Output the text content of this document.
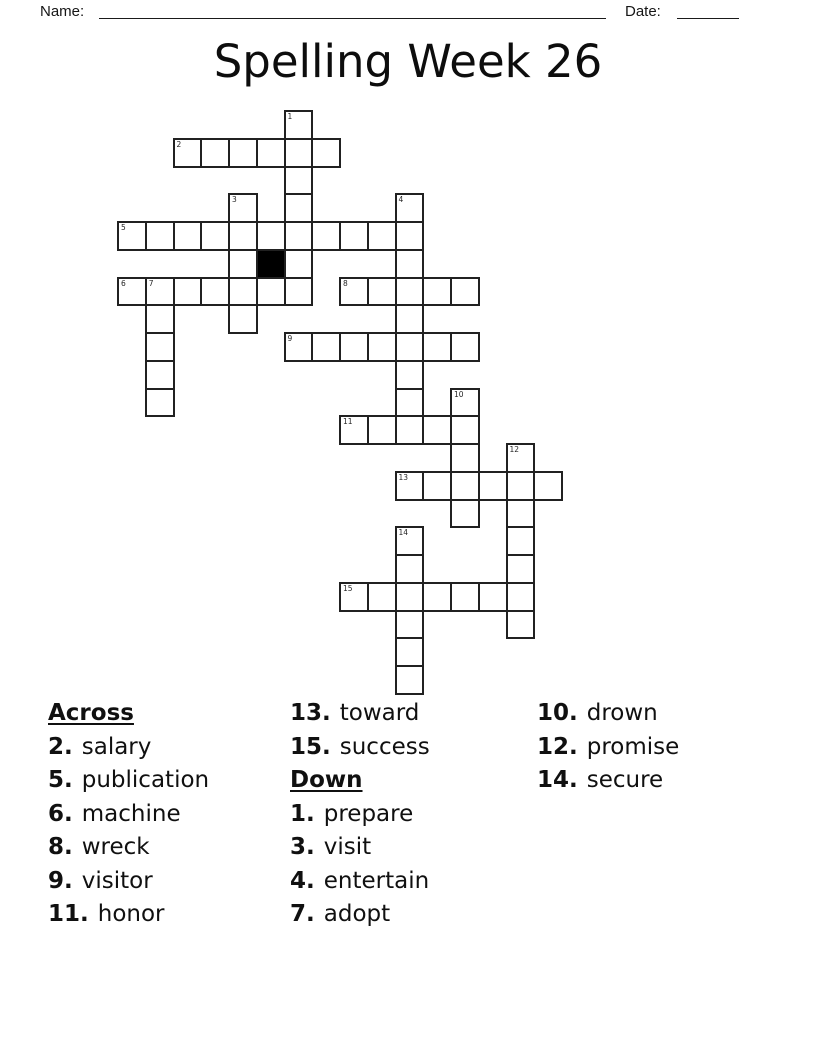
Name:	Date:
Spelling Week 26
1
2
3	4
5
6	7	8
9
10
11
12
13
14
15
Across
2. salary
5. publication
6. machine
8. wreck
9. visitor
11. honor
13. toward
15. success
Down
1. prepare
3. visit
4. entertain
7. adopt
10. drown
12. promise
14. secure
